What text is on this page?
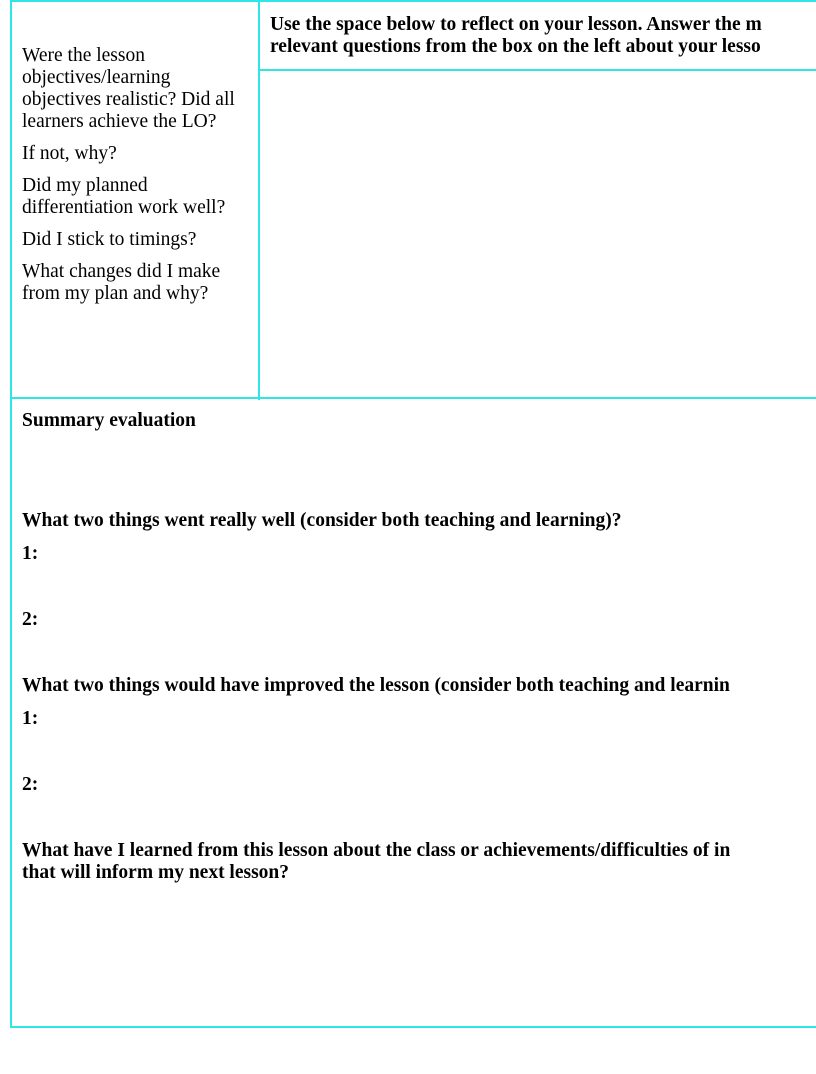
Were the lesson objectives/learning objectives realistic? Did all learners achieve the LO?

If not, why?

Did my planned differentiation work well?

Did I stick to timings?

What changes did I make from my plan and why?

Use the space below to reflect on your lesson. Answer the m
relevant questions from the box on the left about your lesso
Summary evaluation
What two things went really well (consider both teaching and learning)?
1:
2:
What two things would have improved the lesson (consider both teaching and learnin
1:
2:
What have I learned from this lesson about the class or achievements/difficulties of in
that will inform my next lesson?
